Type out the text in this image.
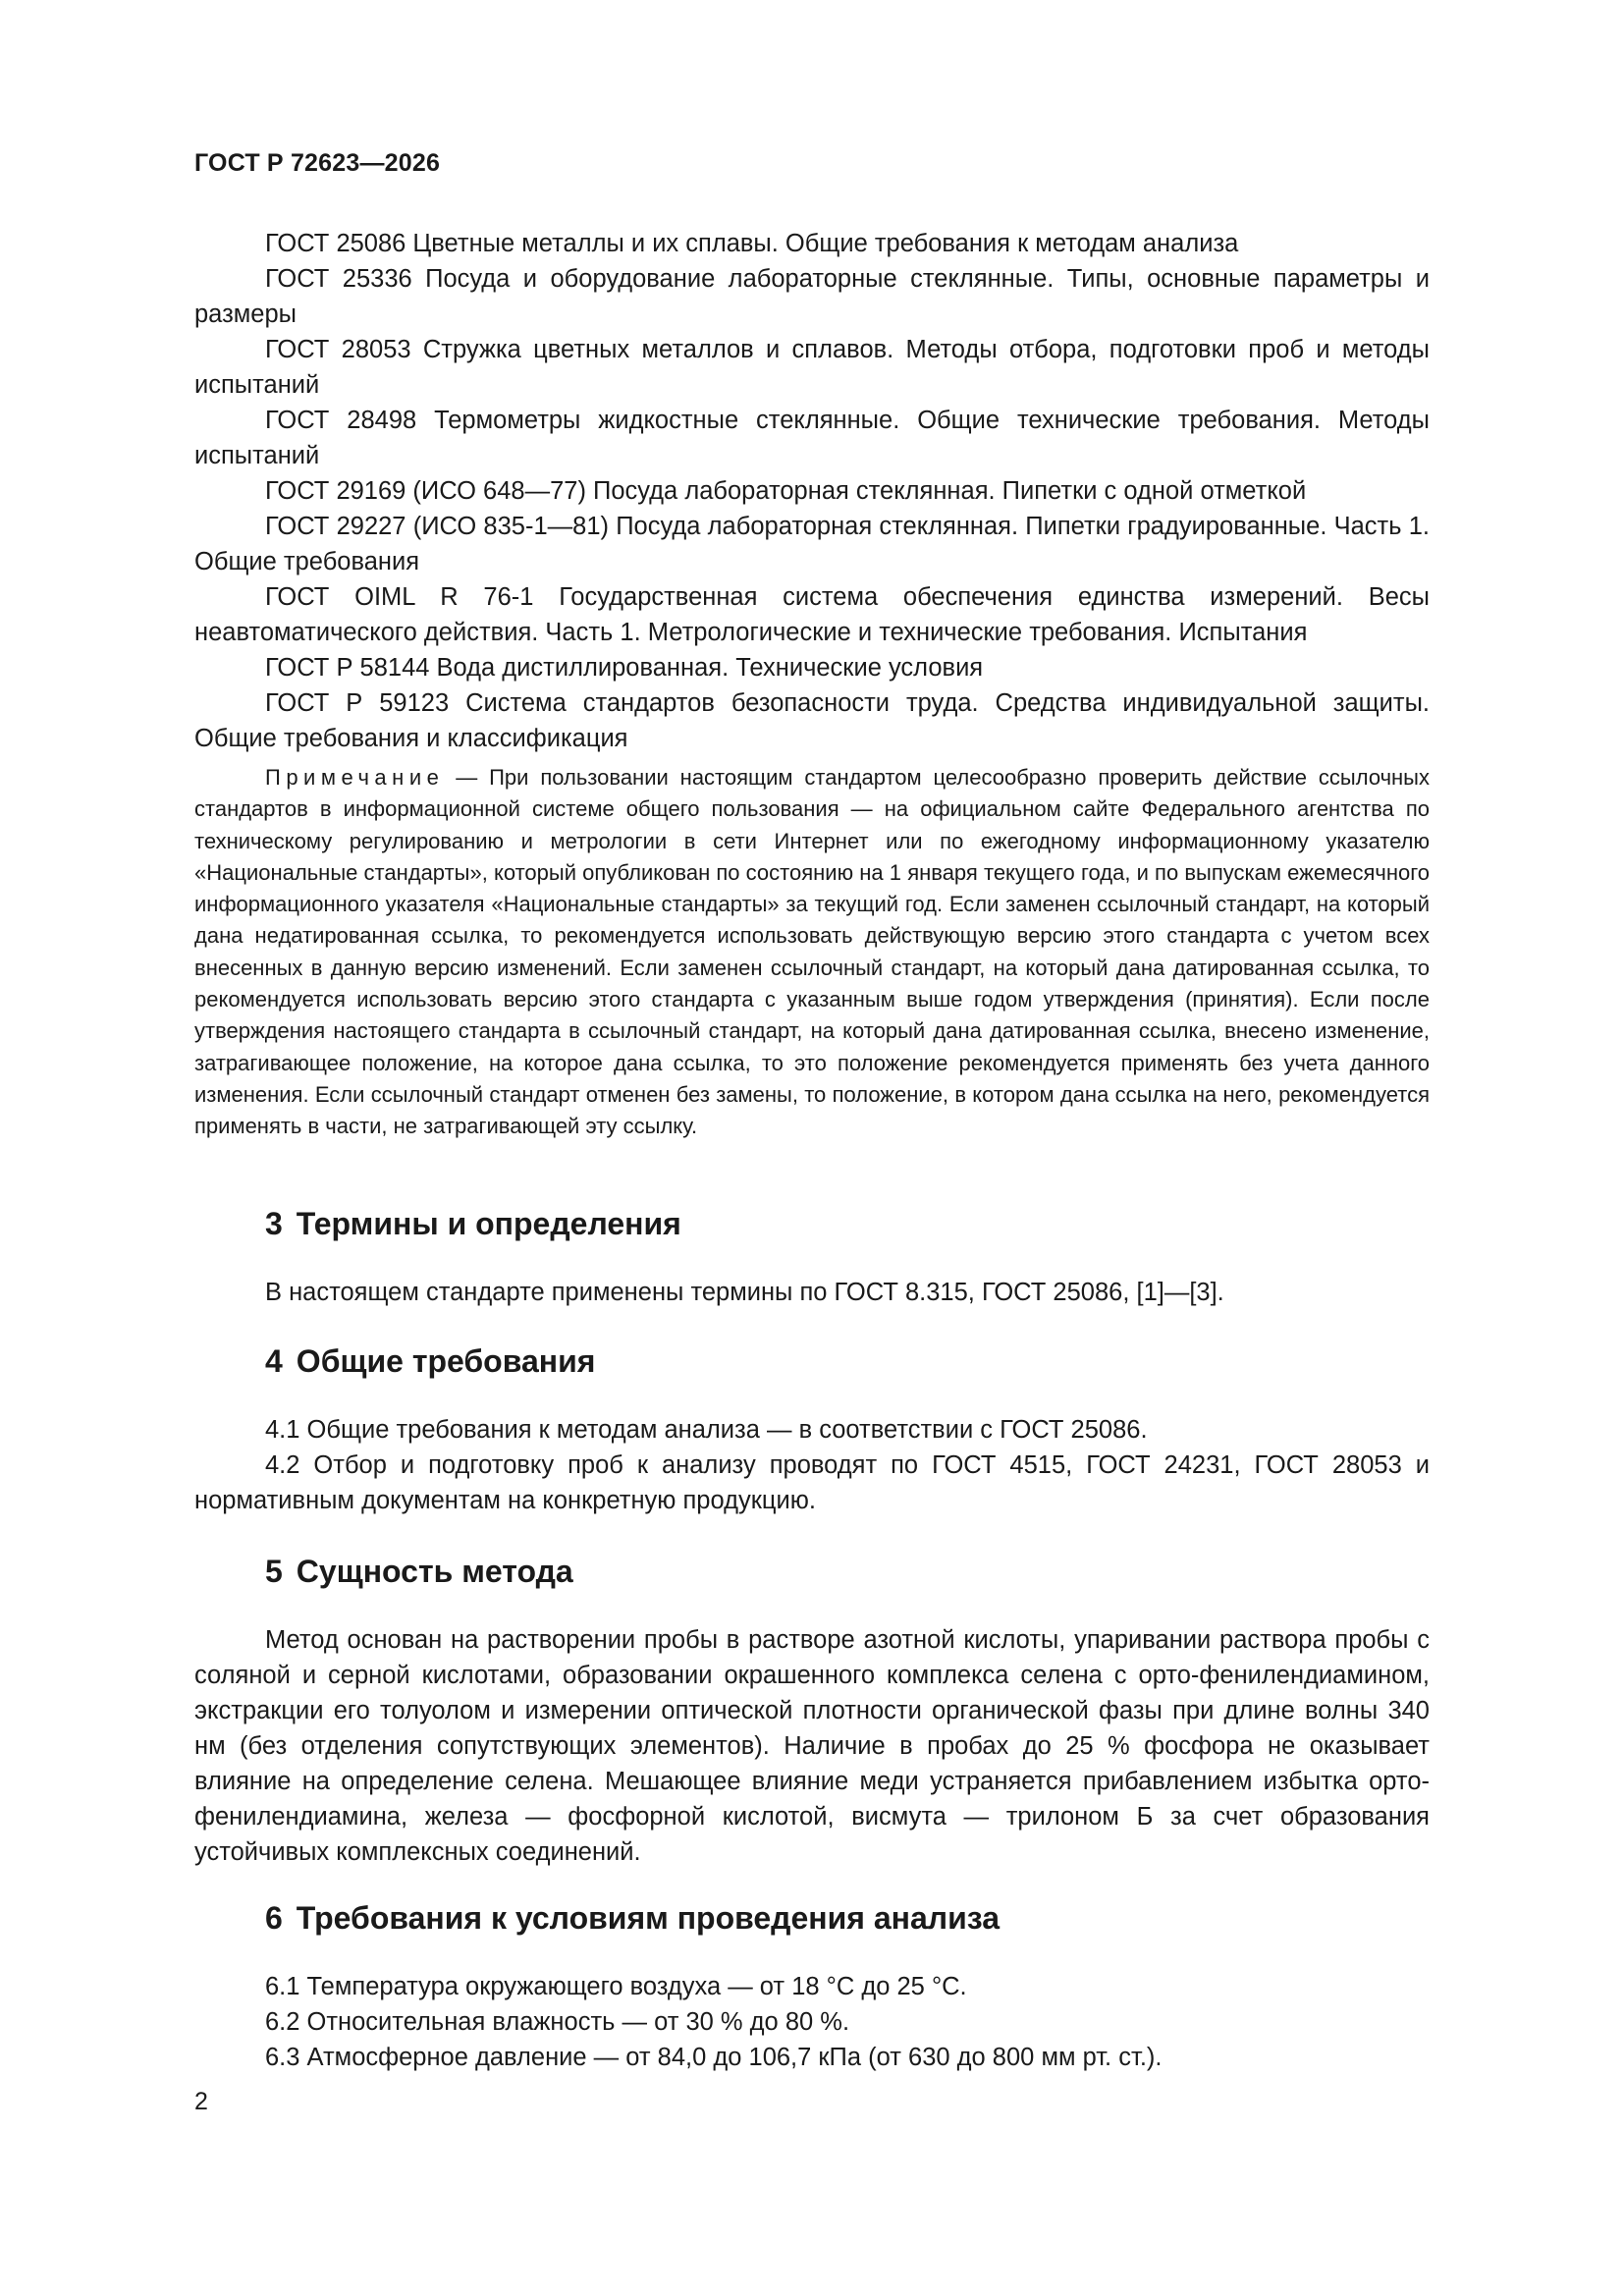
ГОСТ Р 72623—2026

ГОСТ 25086 Цветные металлы и их сплавы. Общие требования к методам анализа

ГОСТ 25336 Посуда и оборудование лабораторные стеклянные. Типы, основные параметры и размеры

ГОСТ 28053 Стружка цветных металлов и сплавов. Методы отбора, подготовки проб и методы испытаний

ГОСТ 28498 Термометры жидкостные стеклянные. Общие технические требования. Методы испытаний

ГОСТ 29169 (ИСО 648—77) Посуда лабораторная стеклянная. Пипетки с одной отметкой

ГОСТ 29227 (ИСО 835-1—81) Посуда лабораторная стеклянная. Пипетки градуированные. Часть 1. Общие требования

ГОСТ OIML R 76-1 Государственная система обеспечения единства измерений. Весы неавтоматического действия. Часть 1. Метрологические и технические требования. Испытания

ГОСТ Р 58144 Вода дистиллированная. Технические условия

ГОСТ Р 59123 Система стандартов безопасности труда. Средства индивидуальной защиты. Общие требования и классификация

Примечание — При пользовании настоящим стандартом целесообразно проверить действие ссылочных стандартов в информационной системе общего пользования — на официальном сайте Федерального агентства по техническому регулированию и метрологии в сети Интернет или по ежегодному информационному указателю «Национальные стандарты», который опубликован по состоянию на 1 января текущего года, и по выпускам ежемесячного информационного указателя «Национальные стандарты» за текущий год. Если заменен ссылочный стандарт, на который дана недатированная ссылка, то рекомендуется использовать действующую версию этого стандарта с учетом всех внесенных в данную версию изменений. Если заменен ссылочный стандарт, на который дана датированная ссылка, то рекомендуется использовать версию этого стандарта с указанным выше годом утверждения (принятия). Если после утверждения настоящего стандарта в ссылочный стандарт, на который дана датированная ссылка, внесено изменение, затрагивающее положение, на которое дана ссылка, то это положение рекомендуется применять без учета данного изменения. Если ссылочный стандарт отменен без замены, то положение, в котором дана ссылка на него, рекомендуется применять в части, не затрагивающей эту ссылку.

3 Термины и определения

В настоящем стандарте применены термины по ГОСТ 8.315, ГОСТ 25086, [1]—[3].

4 Общие требования

4.1 Общие требования к методам анализа — в соответствии с ГОСТ 25086.

4.2 Отбор и подготовку проб к анализу проводят по ГОСТ 4515, ГОСТ 24231, ГОСТ 28053 и нормативным документам на конкретную продукцию.

5 Сущность метода

Метод основан на растворении пробы в растворе азотной кислоты, упаривании раствора пробы с соляной и серной кислотами, образовании окрашенного комплекса селена с орто-фенилендиамином, экстракции его толуолом и измерении оптической плотности органической фазы при длине волны 340 нм (без отделения сопутствующих элементов). Наличие в пробах до 25 % фосфора не оказывает влияние на определение селена. Мешающее влияние меди устраняется прибавлением избытка орто-фенилендиамина, железа — фосфорной кислотой, висмута — трилоном Б за счет образования устойчивых комплексных соединений.

6 Требования к условиям проведения анализа

6.1 Температура окружающего воздуха — от 18 °С до 25 °С.

6.2 Относительная влажность — от 30 % до 80 %.

6.3 Атмосферное давление — от 84,0 до 106,7 кПа (от 630 до 800 мм рт. ст.).

2
